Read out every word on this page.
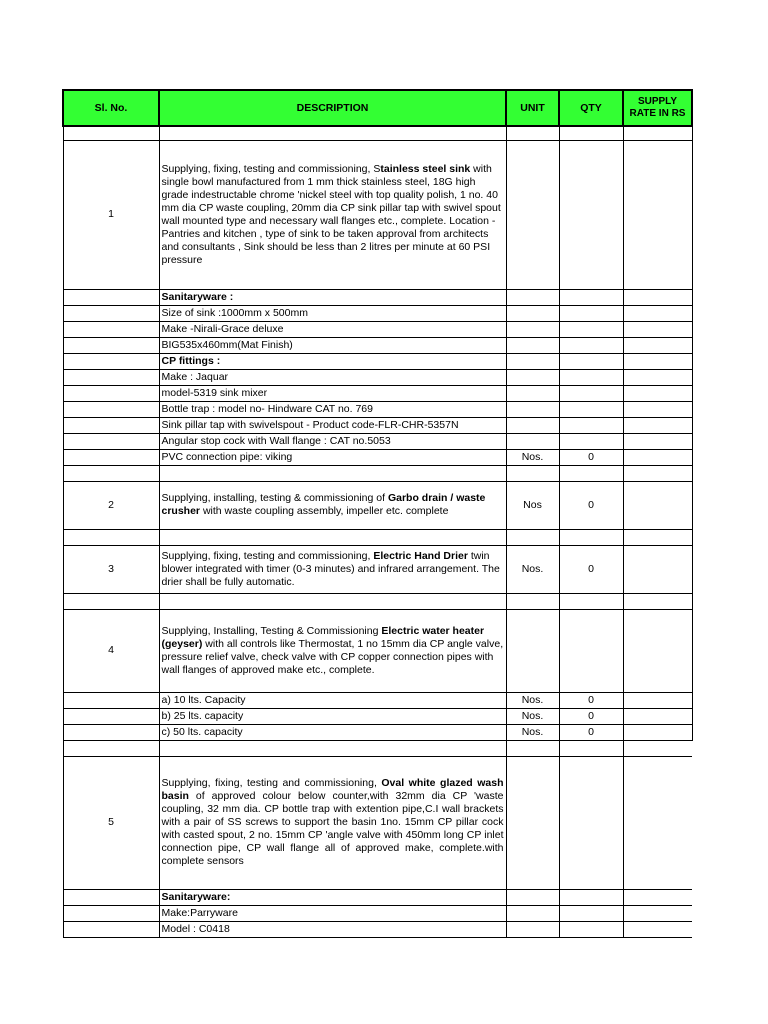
Sl. No.	DESCRIPTION	UNIT	QTY	SUPPLY RATE IN RS

1	Supplying, fixing, testing and commissioning, Stainless steel sink with single bowl manufactured from 1 mm thick stainless steel, 18G high grade indestructable chrome 'nickel steel with top quality polish, 1 no. 40 mm dia CP waste coupling, 20mm dia CP sink pillar tap with swivel spout wall mounted type and necessary wall flanges etc., complete. Location - Pantries and kitchen , type of sink to be taken approval from architects and consultants , Sink should be less than 2 litres per minute at 60 PSI pressure			
	Sanitaryware :			
	Size of sink :1000mm x 500mm			
	Make -Nirali-Grace deluxe			
	BIG535x460mm(Mat Finish)			
	CP fittings :			
	Make : Jaquar			
	model-5319 sink mixer			
	Bottle trap : model no- Hindware CAT no. 769			
	Sink pillar tap with swivelspout - Product code-FLR-CHR-5357N			
	Angular stop cock with Wall flange : CAT no.5053			
	PVC connection pipe: viking	Nos.	0	

2	Supplying, installing, testing & commissioning of Garbo drain / waste crusher with waste coupling assembly, impeller etc. complete	Nos	0	

3	Supplying, fixing, testing and commissioning, Electric Hand Drier twin blower integrated with timer (0-3 minutes) and infrared arrangement. The drier shall be fully automatic.	Nos.	0	

4	Supplying, Installing, Testing & Commissioning Electric water heater (geyser) with all controls like Thermostat, 1 no 15mm dia CP angle valve, pressure relief valve, check valve with CP copper connection pipes with wall flanges of approved make etc., complete.			
	a) 10 lts. Capacity	Nos.	0	
	b) 25 lts. capacity	Nos.	0	
	c) 50 lts. capacity	Nos.	0	

5	Supplying, fixing, testing and commissioning, Oval white glazed wash basin of approved colour below counter,with 32mm dia CP 'waste coupling, 32 mm dia. CP bottle trap with extention pipe,C.I wall brackets with a pair of SS screws to support the basin 1no. 15mm CP pillar cock with casted spout, 2 no. 15mm CP 'angle valve with 450mm long CP inlet connection pipe, CP wall flange all of approved make, complete.with complete sensors			
	Sanitaryware:			
	Make:Parryware			
	Model : C0418			
